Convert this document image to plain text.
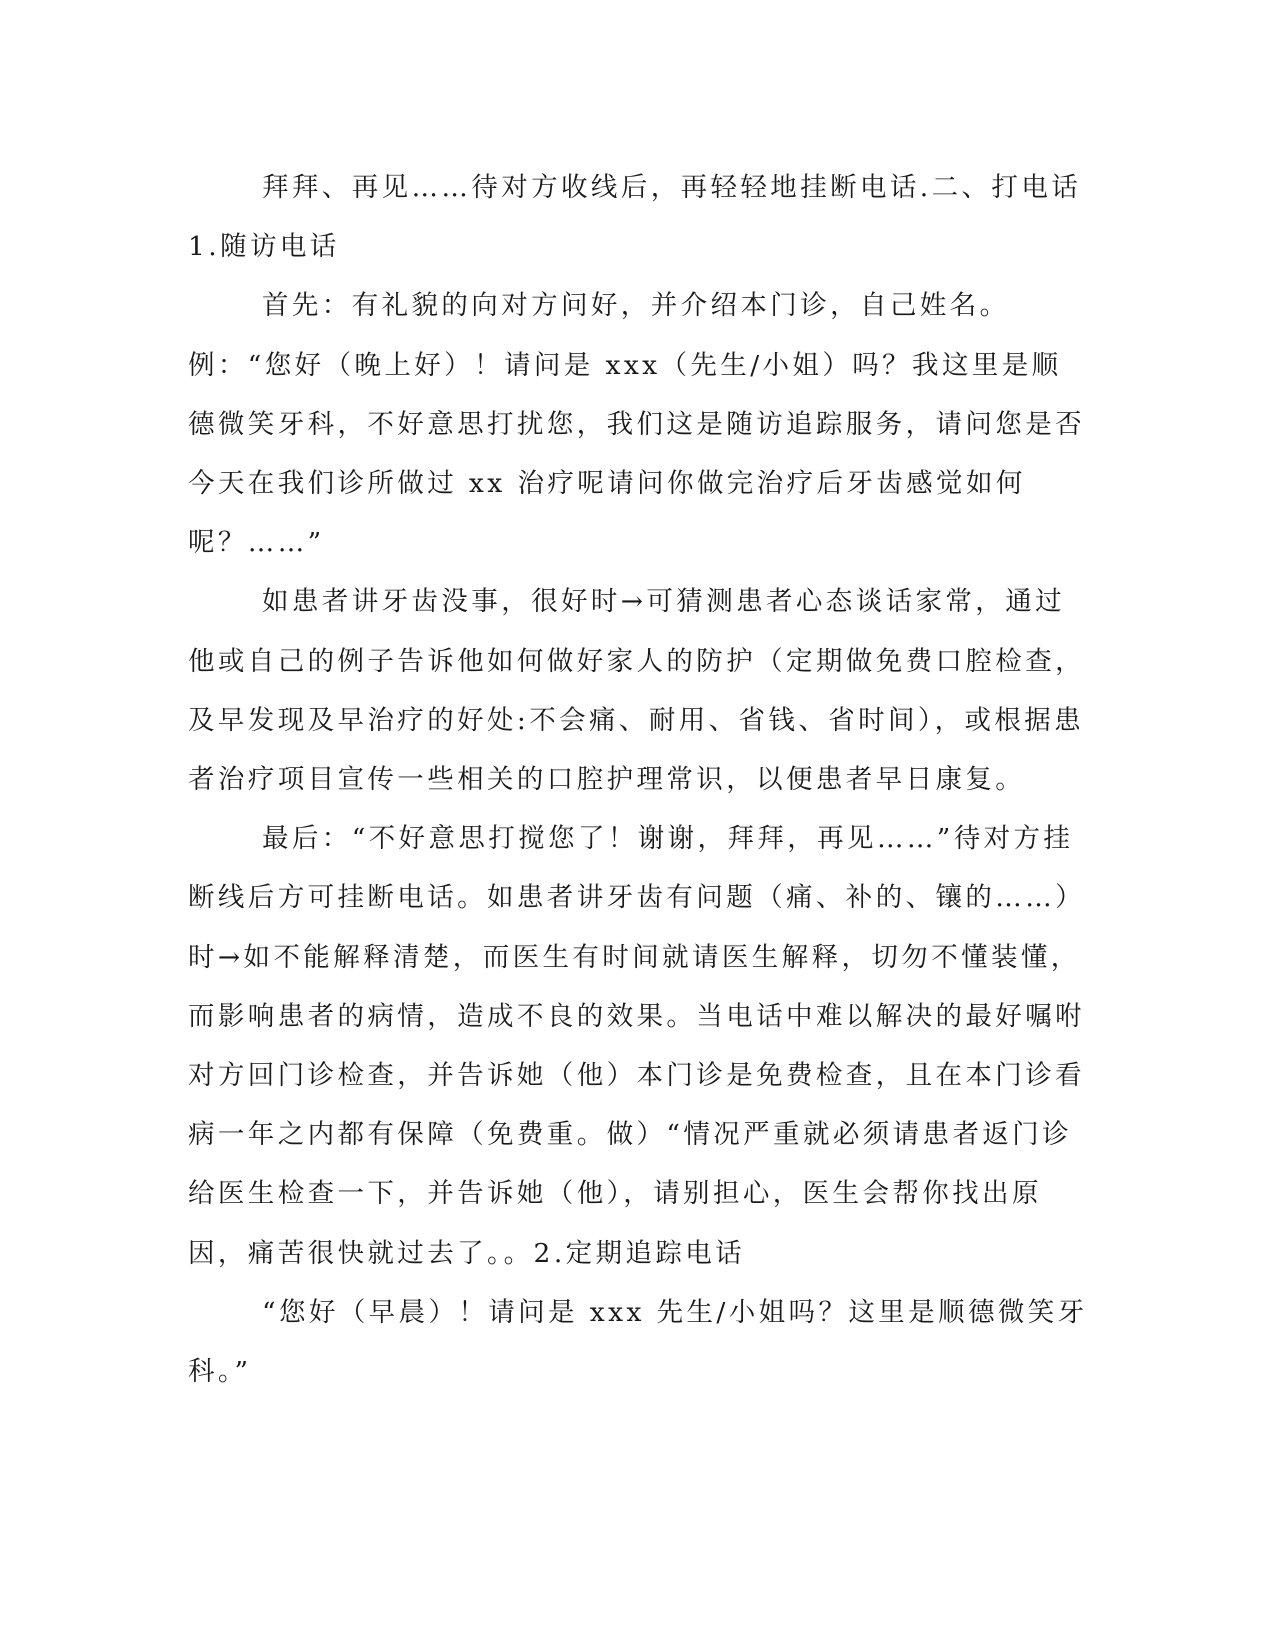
拜拜、再见……待对方收线后，再轻轻地挂断电话.二、打电话 1.随访电话

首先：有礼貌的向对方问好，并介绍本门诊，自己姓名。例：“您好（晚上好）！请问是 xxx（先生/小姐）吗？我这里是顺德微笑牙科，不好意思打扰您，我们这是随访追踪服务，请问您是否今天在我们诊所做过 xx 治疗呢请问你做完治疗后牙齿感觉如何呢？……”

如患者讲牙齿没事，很好时→可猜测患者心态谈话家常，通过他或自己的例子告诉他如何做好家人的防护（定期做免费口腔检查，及早发现及早治疗的好处:不会痛、耐用、省钱、省时间），或根据患者治疗项目宣传一些相关的口腔护理常识，以便患者早日康复。

最后：“不好意思打搅您了！谢谢，拜拜，再见……”待对方挂断线后方可挂断电话。如患者讲牙齿有问题（痛、补的、镶的……）时→如不能解释清楚，而医生有时间就请医生解释，切勿不懂装懂，而影响患者的病情，造成不良的效果。当电话中难以解决的最好嘱咐对方回门诊检查，并告诉她（他）本门诊是免费检查，且在本门诊看病一年之内都有保障（免费重。做）“情况严重就必须请患者返门诊给医生检查一下，并告诉她（他），请别担心，医生会帮你找出原因，痛苦很快就过去了。。2.定期追踪电话

“您好（早晨）！请问是 xxx 先生/小姐吗？这里是顺德微笑牙科。”
